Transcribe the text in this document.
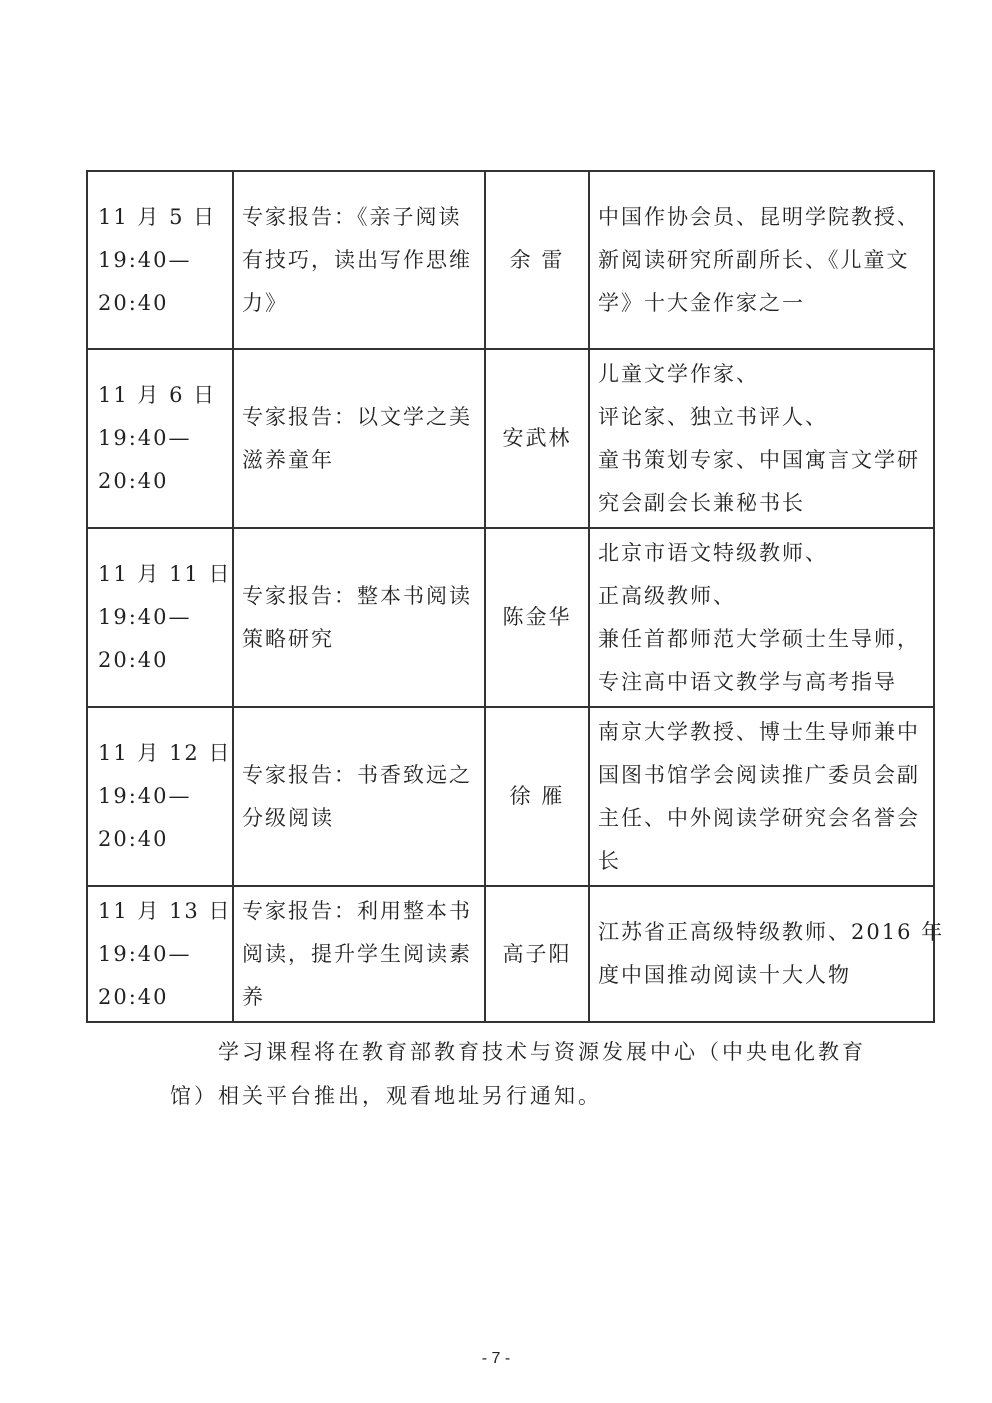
11 月 5 日
19:40—
20:40	专家报告：《亲子阅读
有技巧，读出写作思维
力》	余 雷	中国作协会员、昆明学院教授、
新阅读研究所副所长、《儿童文
学》十大金作家之一

11 月 6 日
19:40—
20:40	专家报告：以文学之美
滋养童年	安武林	儿童文学作家、
评论家、独立书评人、
童书策划专家、中国寓言文学研
究会副会长兼秘书长

11 月 11 日
19:40—
20:40	专家报告：整本书阅读
策略研究	陈金华	北京市语文特级教师、
正高级教师、
兼任首都师范大学硕士生导师，
专注高中语文教学与高考指导

11 月 12 日
19:40—
20:40	专家报告：书香致远之
分级阅读	徐 雁	南京大学教授、博士生导师兼中
国图书馆学会阅读推广委员会副
主任、中外阅读学研究会名誉会
长

11 月 13 日
19:40—
20:40	专家报告：利用整本书
阅读，提升学生阅读素
养	高子阳	江苏省正高级特级教师、2016 年
度中国推动阅读十大人物
学习课程将在教育部教育技术与资源发展中心（中央电化教育
馆）相关平台推出，观看地址另行通知。
- 7 -
